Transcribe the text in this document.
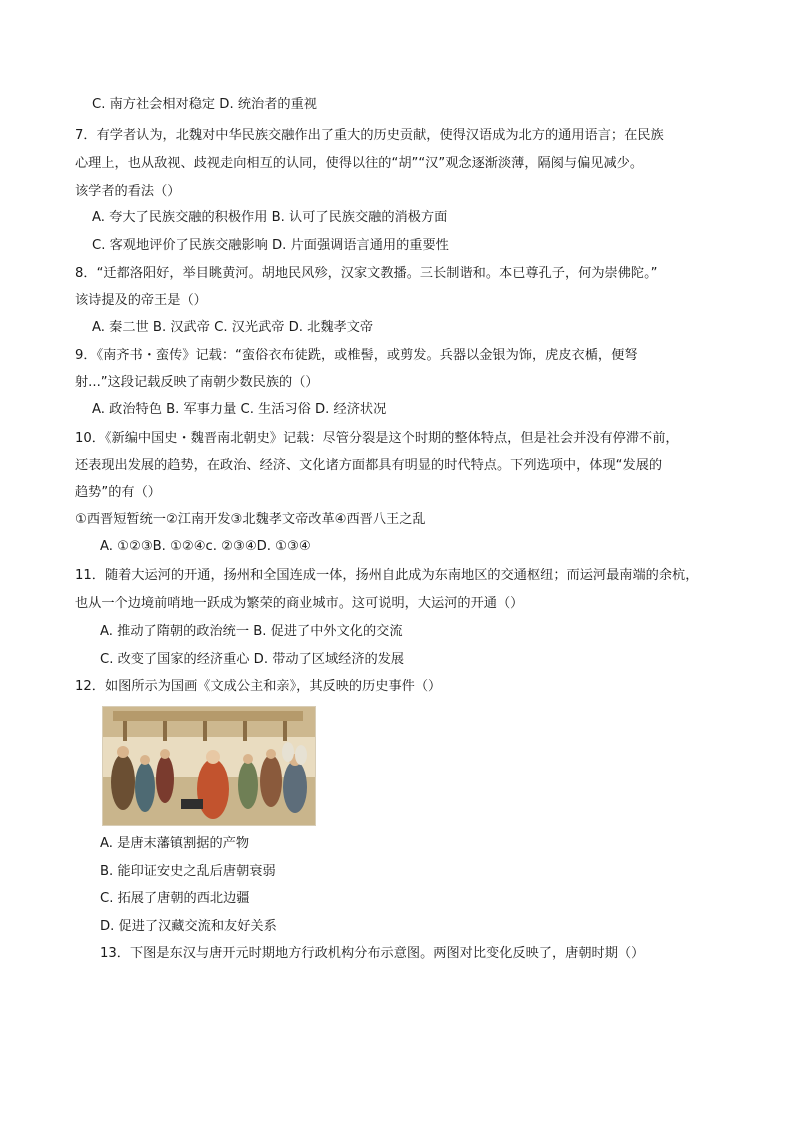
C. 南方社会相对稳定 D. 统治者的重视
7．有学者认为，北魏对中华民族交融作出了重大的历史贡献，使得汉语成为北方的通用语言；在民族
心理上，也从敌视、歧视走向相互的认同，使得以往的“胡”“汉”观念逐渐淡薄，隔阂与偏见减少。
该学者的看法（）
A. 夸大了民族交融的积极作用 B. 认可了民族交融的消极方面
C. 客观地评价了民族交融影响 D. 片面强调语言通用的重要性
8．“迁都洛阳好，举目眺黄河。胡地民风殄，汉家文教播。三长制谐和。本已尊孔子，何为崇佛陀。”
该诗提及的帝王是（）
A. 秦二世 B. 汉武帝 C. 汉光武帝 D. 北魏孝文帝
9．《南齐书・蛮传》记载：“蛮俗衣布徒跣，或椎髻，或剪发。兵器以金银为饰，虎皮衣楯，便弩
射...”这段记载反映了南朝少数民族的（）
A. 政治特色 B. 军事力量 C. 生活习俗 D. 经济状况
10．《新编中国史・魏晋南北朝史》记载：尽管分裂是这个时期的整体特点，但是社会并没有停滞不前，
还表现出发展的趋势，在政治、经济、文化诸方面都具有明显的时代特点。下列选项中，体现“发展的
趋势”的有（）
①西晋短暂统一②江南开发③北魏孝文帝改革④西晋八王之乱
A. ①②③B. ①②④c. ②③④D. ①③④
11．随着大运河的开通，扬州和全国连成一体，扬州自此成为东南地区的交通枢纽；而运河最南端的余杭，
也从一个边境前哨地一跃成为繁荣的商业城市。这可说明，大运河的开通（）
A. 推动了隋朝的政治统一 B. 促进了中外文化的交流
C. 改变了国家的经济重心 D. 带动了区域经济的发展
12．如图所示为国画《文成公主和亲》，其反映的历史事件（）
A. 是唐末藩镇割据的产物
B. 能印证安史之乱后唐朝衰弱
C. 拓展了唐朝的西北边疆
D. 促进了汉藏交流和友好关系
13．下图是东汉与唐开元时期地方行政机构分布示意图。两图对比变化反映了，唐朝时期（）
